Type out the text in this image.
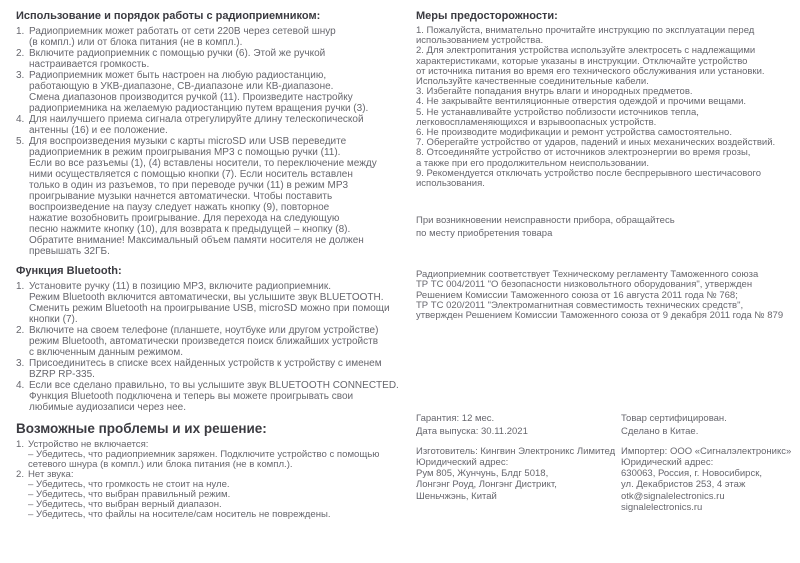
Использование и порядок работы с радиоприемником:
1. Радиоприемник может работать от сети 220В через сетевой шнур
(в компл.) или от блока питания (не в компл.).
2. Включите радиоприемник с помощью ручки (6). Этой же ручкой
настраивается громкость.
3. Радиоприемник может быть настроен на любую радиостанцию,
работающую в УКВ-диапазоне, СВ-диапазоне или КВ-диапазоне.
Смена диапазонов производится ручкой (11). Произведите настройку
радиоприемника на желаемую радиостанцию путем вращения ручки (3).
4. Для наилучшего приема сигнала отрегулируйте длину телескопической
антенны (16) и ее положение.
5. Для воспроизведения музыки с карты microSD или USB переведите
радиоприемник в режим проигрывания MP3 с помощью ручки (11).
Если во все разъемы (1), (4) вставлены носители, то переключение между
ними осуществляется с помощью кнопки (7). Если носитель вставлен
только в один из разъемов, то при переводе ручки (11) в режим MP3
проигрывание музыки начнется автоматически. Чтобы поставить
воспроизведение на паузу следует нажать кнопку (9), повторное
нажатие возобновить проигрывание. Для перехода на следующую
песню нажмите кнопку (10), для возврата к предыдущей – кнопку (8).
Обратите внимание! Максимальный объем памяти носителя не должен
превышать 32ГБ.
Функция Bluetooth:
1. Установите ручку (11) в позицию MP3, включите радиоприемник.
Режим Bluetooth включится автоматически, вы услышите звук BLUETOOTH.
Сменить режим Bluetooth на проигрывание USB, microSD можно при помощи
кнопки (7).
2. Включите на своем телефоне (планшете, ноутбуке или другом устройстве)
режим Bluetooth, автоматически произведется поиск ближайших устройств
с включенным данным режимом.
3. Присоединитесь в списке всех найденных устройств к устройству с именем
BZRP RP-335.
4. Если все сделано правильно, то вы услышите звук BLUETOOTH CONNECTED.
Функция Bluetooth подключена и теперь вы можете проигрывать свои
любимые аудиозаписи через нее.
Возможные проблемы и их решение:
1. Устройство не включается:
– Убедитесь, что радиоприемник заряжен. Подключите устройство с помощью
сетевого шнура (в компл.) или блока питания (не в компл.).
2. Нет звука:
– Убедитесь, что громкость не стоит на нуле.
– Убедитесь, что выбран правильный режим.
– Убедитесь, что выбран верный диапазон.
– Убедитесь, что файлы на носителе/сам носитель не повреждены.
Меры предосторожности:
1. Пожалуйста, внимательно прочитайте инструкцию по эксплуатации перед
использованием устройства.
2. Для электропитания устройства используйте электросеть с надлежащими
характеристиками, которые указаны в инструкции. Отключайте устройство
от источника питания во время его технического обслуживания или установки.
Используйте качественные соединительные кабели.
3. Избегайте попадания внутрь влаги и инородных предметов.
4. Не закрывайте вентиляционные отверстия одеждой и прочими вещами.
5. Не устанавливайте устройство поблизости источников тепла,
легковоспламеняющихся и взрывоопасных устройств.
6. Не производите модификации и ремонт устройства самостоятельно.
7. Оберегайте устройство от ударов, падений и иных механических воздействий.
8. Отсоединяйте устройство от источников электроэнергии во время грозы,
а также при его продолжительном неиспользовании.
9. Рекомендуется отключать устройство после беспрерывного шестичасового
использования.
При возникновении неисправности прибора, обращайтесь
по месту приобретения товара
Радиоприемник соответствует Техническому регламенту Таможенного союза
ТР ТС 004/2011 "О безопасности низковольтного оборудования", утвержден
Решением Комиссии Таможенного союза от 16 августа 2011 года № 768;
ТР ТС 020/2011 "Электромагнитная совместимость технических средств",
утвержден Решением Комиссии Таможенного союза от 9 декабря 2011 года № 879
Гарантия: 12 мес.
Дата выпуска: 30.11.2021
Изготовитель: Кингвин Электроникс Лимитед
Юридический адрес:
Рум 805, Жунчунь, Блдг 5018,
Лонгэнг Роуд, Лонгэнг Дистрикт,
Шеньчжэнь, Китай
Товар сертифицирован.
Сделано в Китае.
Импортер: ООО «Сигналэлектроникс»
Юридический адрес:
630063, Россия, г. Новосибирск,
ул. Декабристов 253, 4 этаж
otk@signalelectronics.ru
signalelectronics.ru
